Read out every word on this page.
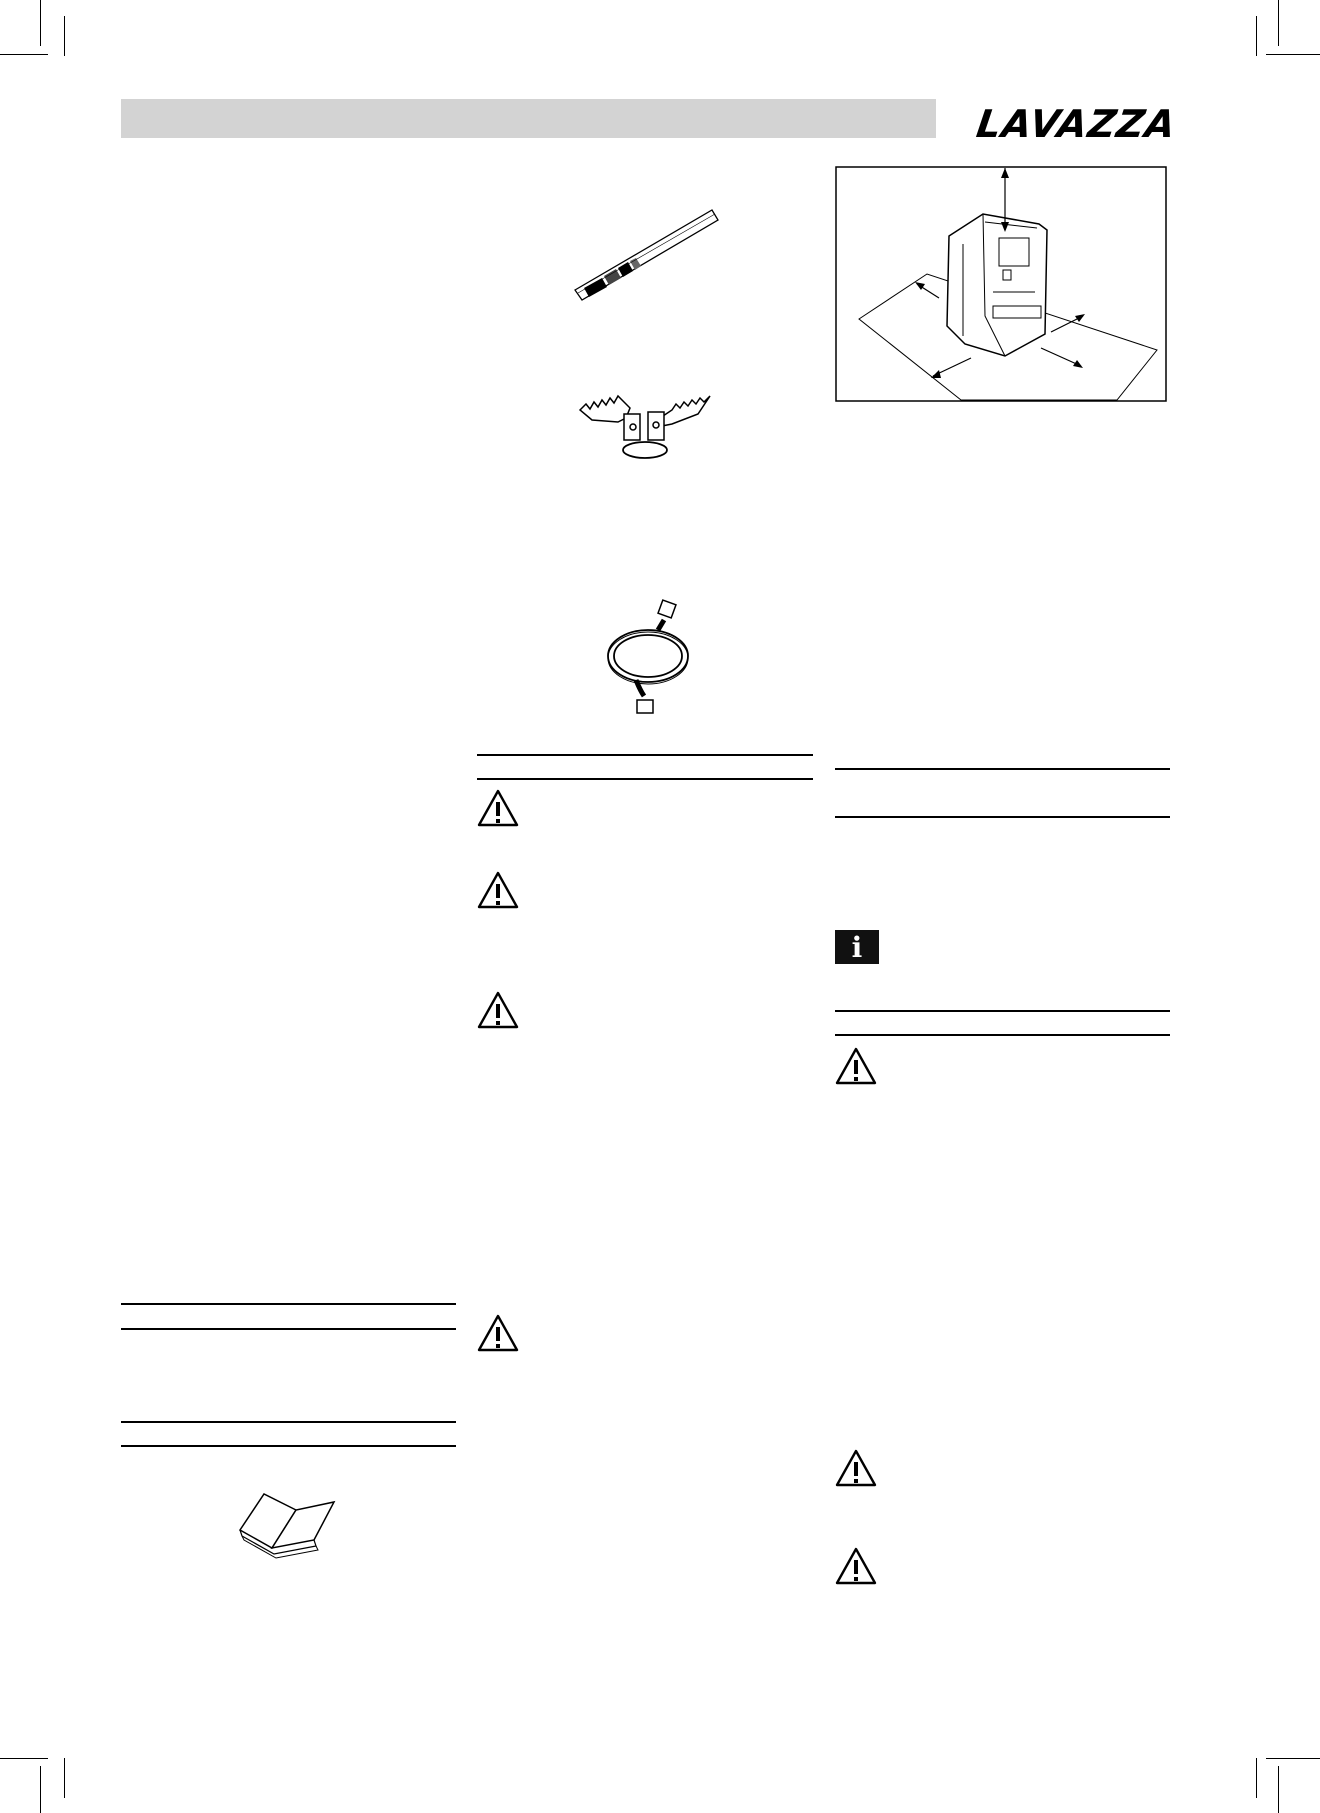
LAVAZZA
i
